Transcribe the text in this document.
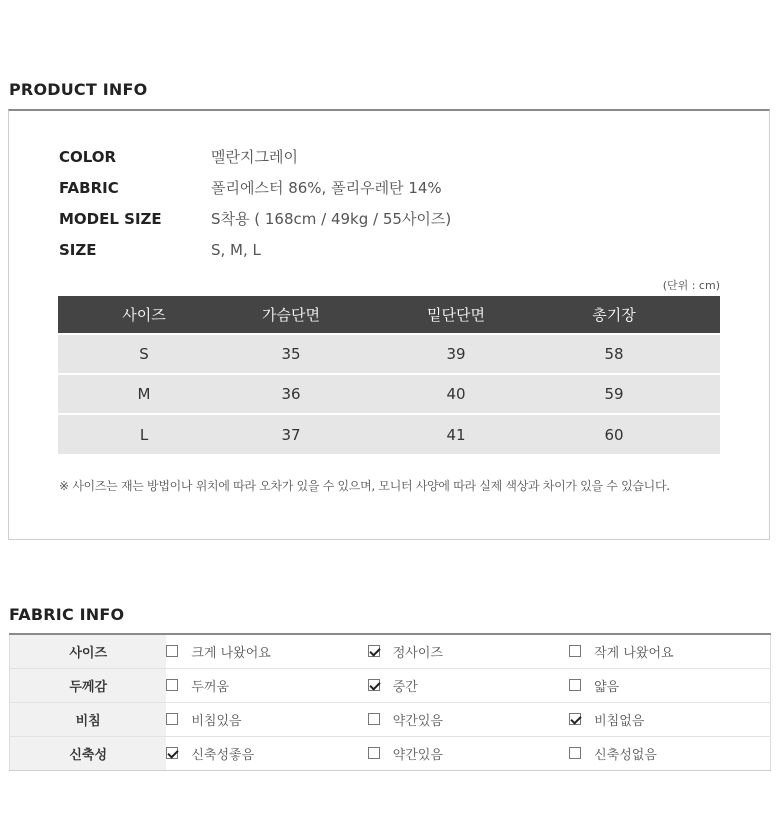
PRODUCT INFO
COLOR	멜란지그레이
FABRIC	폴리에스터 86%, 폴리우레탄 14%
MODEL SIZE	S착용 ( 168cm / 49kg / 55사이즈)
SIZE	S, M, L
(단위 : cm)
사이즈	가슴단면	밑단단면	총기장	
S	35	39	58	
M	36	40	59	
L	37	41	60	
※ 사이즈는 재는 방법이나 위치에 따라 오차가 있을 수 있으며, 모니터 사양에 따라 실제 색상과 차이가 있을 수 있습니다.
FABRIC INFO
사이즈	크게 나왔어요	정사이즈	작게 나왔어요

두께감	두꺼움	중간	얇음

비침	비침있음	약간있음	비침없음

신축성	신축성좋음	약간있음	신축성없음
